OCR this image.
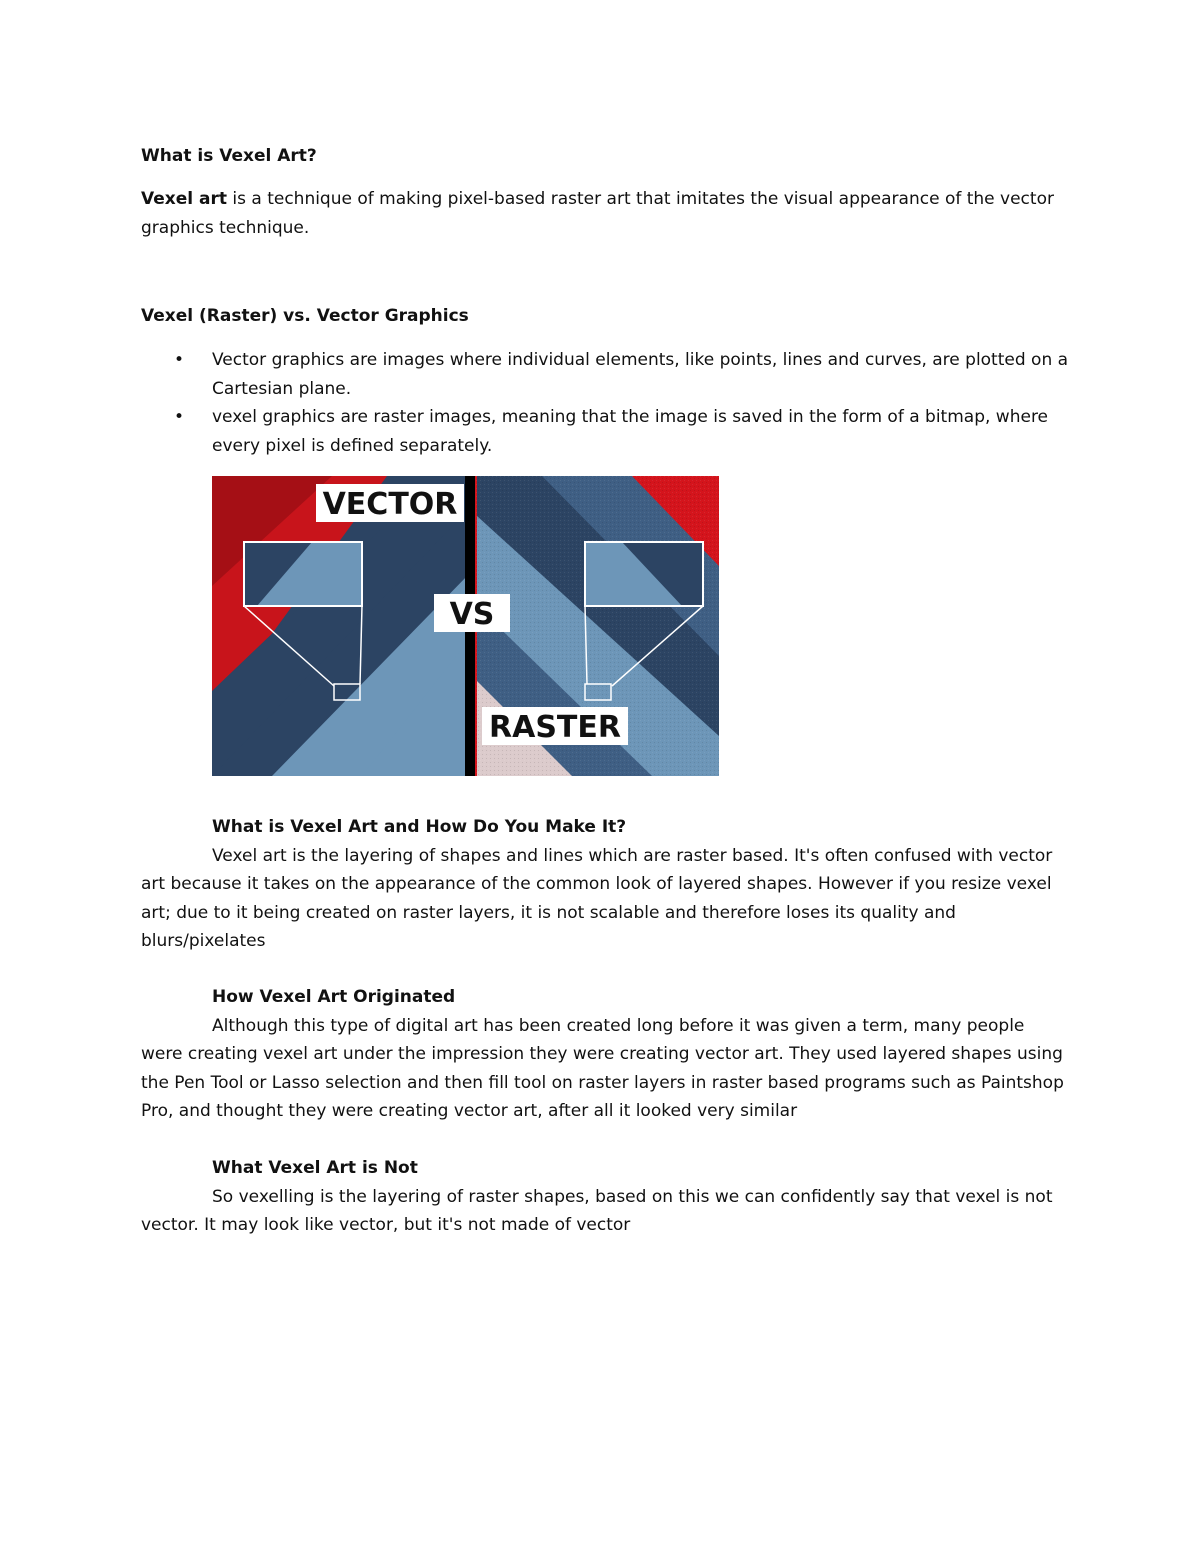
What is Vexel Art?
Vexel art is a technique of making pixel-based raster art that imitates the visual appearance of the vector graphics technique.
Vexel (Raster) vs. Vector Graphics
• Vector graphics are images where individual elements, like points, lines and curves, are plotted on a Cartesian plane.
• vexel graphics are raster images, meaning that the image is saved in the form of a bitmap, where every pixel is defined separately.
VECTOR
VS
RASTER
What is Vexel Art and How Do You Make It?
Vexel art is the layering of shapes and lines which are raster based. It's often confused with vector art because it takes on the appearance of the common look of layered shapes. However if you resize vexel art; due to it being created on raster layers, it is not scalable and therefore loses its quality and blurs/pixelates
How Vexel Art Originated
Although this type of digital art has been created long before it was given a term, many people were creating vexel art under the impression they were creating vector art. They used layered shapes using the Pen Tool or Lasso selection and then fill tool on raster layers in raster based programs such as Paintshop Pro, and thought they were creating vector art, after all it looked very similar
What Vexel Art is Not
So vexelling is the layering of raster shapes, based on this we can confidently say that vexel is not vector. It may look like vector, but it's not made of vector
